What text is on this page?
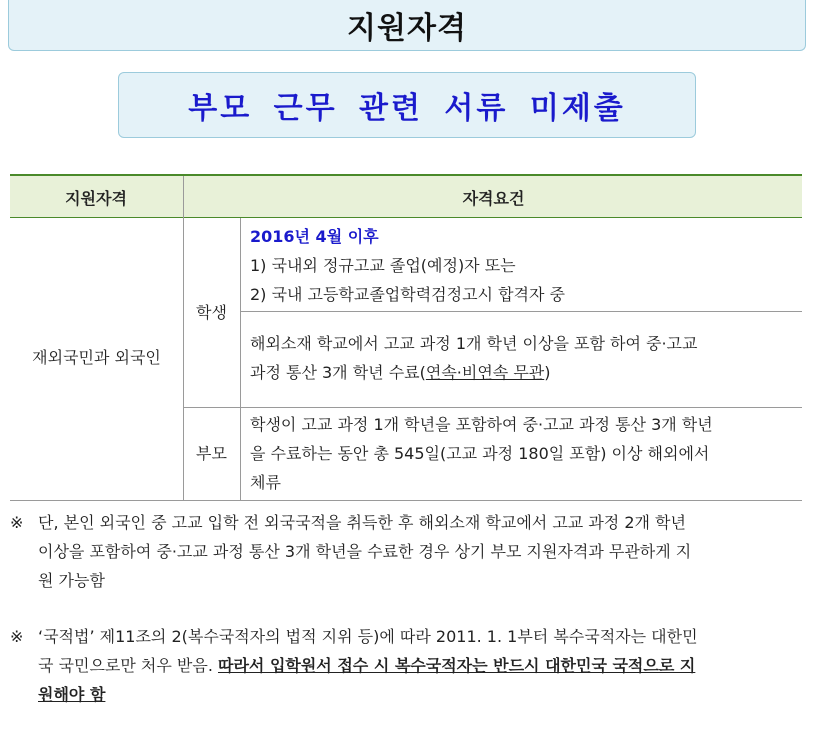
지원자격
부모 근무 관련 서류 미제출
지원자격	자격요건
재외국민과 외국인
학생
2016년 4월 이후
1) 국내외 정규고교 졸업(예정)자 또는
2) 국내 고등학교졸업학력검정고시 합격자 중
해외소재 학교에서 고교 과정 1개 학년 이상을 포함 하여 중·고교
과정 통산 3개 학년 수료(연속·비연속 무관)
부모
학생이 고교 과정 1개 학년을 포함하여 중·고교 과정 통산 3개 학년
을 수료하는 동안 총 545일(고교 과정 180일 포함) 이상 해외에서
체류
※ 단, 본인 외국인 중 고교 입학 전 외국국적을 취득한 후 해외소재 학교에서 고교 과정 2개 학년
이상을 포함하여 중·고교 과정 통산 3개 학년을 수료한 경우 상기 부모 지원자격과 무관하게 지
원 가능함
※ ‘국적법’ 제11조의 2(복수국적자의 법적 지위 등)에 따라 2011. 1. 1부터 복수국적자는 대한민
국 국민으로만 처우 받음. 따라서 입학원서 접수 시 복수국적자는 반드시 대한민국 국적으로 지
원해야 함
